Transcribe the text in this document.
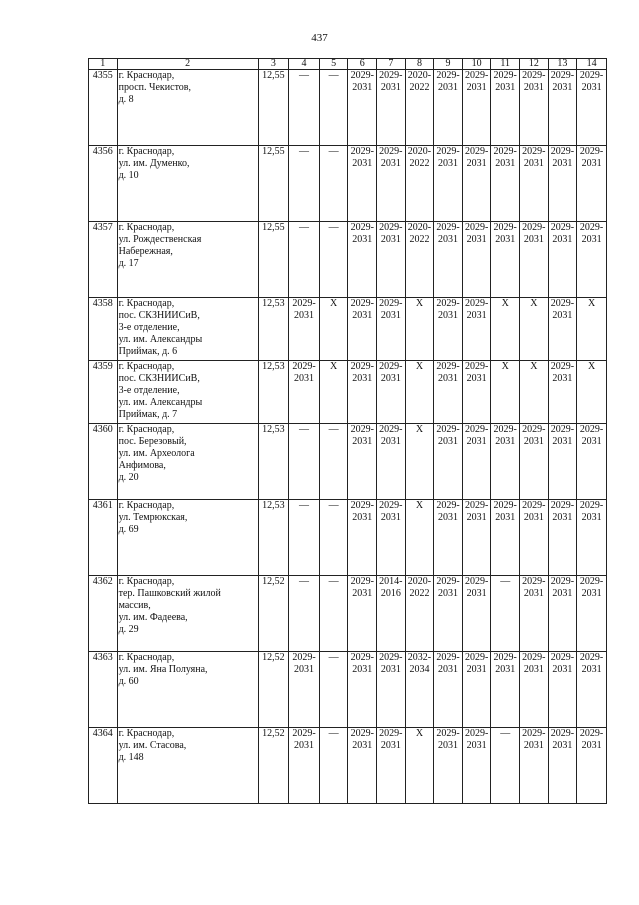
437
1	2	3	4	5	6	7	8	9	10	11	12	13	14
4355	г. Краснодар,
просп. Чекистов,
д. 8	12,55	—	—	2029-
2031	2029-
2031	2020-
2022	2029-
2031	2029-
2031	2029-
2031	2029-
2031	2029-
2031	2029-
2031
4356	г. Краснодар,
ул. им. Думенко,
д. 10	12,55	—	—	2029-
2031	2029-
2031	2020-
2022	2029-
2031	2029-
2031	2029-
2031	2029-
2031	2029-
2031	2029-
2031
4357	г. Краснодар,
ул. Рождественская
Набережная,
д. 17	12,55	—	—	2029-
2031	2029-
2031	2020-
2022	2029-
2031	2029-
2031	2029-
2031	2029-
2031	2029-
2031	2029-
2031
4358	г. Краснодар,
пос. СКЗНИИСиВ,
3-е отделение,
ул. им. Александры
Приймак, д. 6	12,53	2029-
2031	Х	2029-
2031	2029-
2031	Х	2029-
2031	2029-
2031	Х	Х	2029-
2031	Х
4359	г. Краснодар,
пос. СКЗНИИСиВ,
3-е отделение,
ул. им. Александры
Приймак, д. 7	12,53	2029-
2031	Х	2029-
2031	2029-
2031	Х	2029-
2031	2029-
2031	Х	Х	2029-
2031	Х
4360	г. Краснодар,
пос. Березовый,
ул. им. Археолога
Анфимова,
д. 20	12,53	—	—	2029-
2031	2029-
2031	Х	2029-
2031	2029-
2031	2029-
2031	2029-
2031	2029-
2031	2029-
2031
4361	г. Краснодар,
ул. Темрюкская,
д. 69	12,53	—	—	2029-
2031	2029-
2031	Х	2029-
2031	2029-
2031	2029-
2031	2029-
2031	2029-
2031	2029-
2031
4362	г. Краснодар,
тер. Пашковский жилой
массив,
ул. им. Фадеева,
д. 29	12,52	—	—	2029-
2031	2014-
2016	2020-
2022	2029-
2031	2029-
2031	—	2029-
2031	2029-
2031	2029-
2031
4363	г. Краснодар,
ул. им. Яна Полуяна,
д. 60	12,52	2029-
2031	—	2029-
2031	2029-
2031	2032-
2034	2029-
2031	2029-
2031	2029-
2031	2029-
2031	2029-
2031	2029-
2031
4364	г. Краснодар,
ул. им. Стасова,
д. 148	12,52	2029-
2031	—	2029-
2031	2029-
2031	Х	2029-
2031	2029-
2031	—	2029-
2031	2029-
2031	2029-
2031
